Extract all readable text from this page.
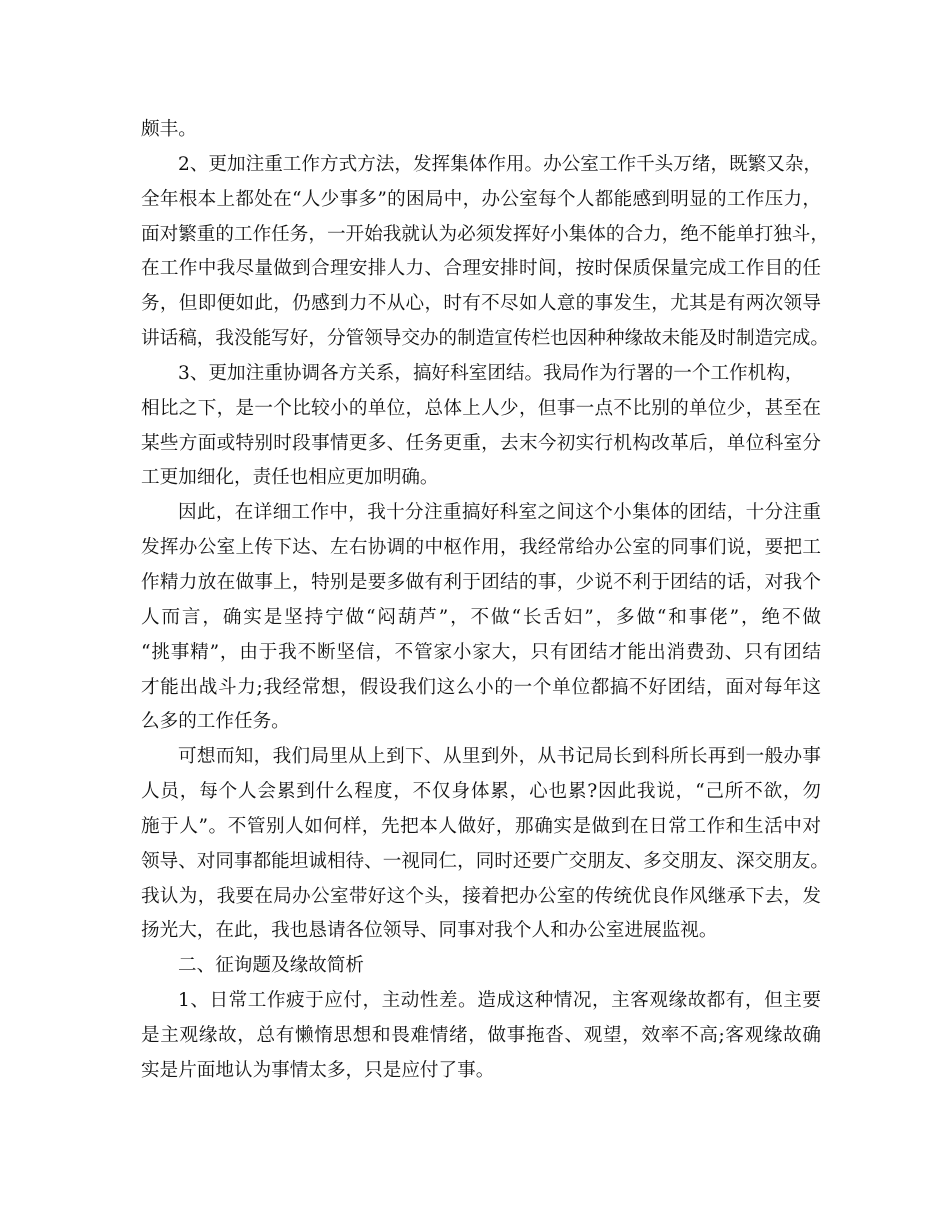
颇丰。

2、更加注重工作方式方法，发挥集体作用。办公室工作千头万绪，既繁又杂，

全年根本上都处在“人少事多”的困局中，办公室每个人都能感到明显的工作压力，

面对繁重的工作任务，一开始我就认为必须发挥好小集体的合力，绝不能单打独斗，

在工作中我尽量做到合理安排人力、合理安排时间，按时保质保量完成工作目的任

务，但即便如此，仍感到力不从心，时有不尽如人意的事发生，尤其是有两次领导

讲话稿，我没能写好，分管领导交办的制造宣传栏也因种种缘故未能及时制造完成。

3、更加注重协调各方关系，搞好科室团结。我局作为行署的一个工作机构，

相比之下，是一个比较小的单位，总体上人少，但事一点不比别的单位少，甚至在

某些方面或特别时段事情更多、任务更重，去末今初实行机构改革后，单位科室分

工更加细化，责任也相应更加明确。

因此，在详细工作中，我十分注重搞好科室之间这个小集体的团结，十分注重

发挥办公室上传下达、左右协调的中枢作用，我经常给办公室的同事们说，要把工

作精力放在做事上，特别是要多做有利于团结的事，少说不利于团结的话，对我个

人而言，确实是坚持宁做“闷葫芦”，不做“长舌妇”，多做“和事佬”，绝不做

“挑事精”，由于我不断坚信，不管家小家大，只有团结才能出消费劲、只有团结

才能出战斗力;我经常想，假设我们这么小的一个单位都搞不好团结，面对每年这

么多的工作任务。

可想而知，我们局里从上到下、从里到外，从书记局长到科所长再到一般办事

人员，每个人会累到什么程度，不仅身体累，心也累?因此我说，“己所不欲，勿

施于人”。不管别人如何样，先把本人做好，那确实是做到在日常工作和生活中对

领导、对同事都能坦诚相待、一视同仁，同时还要广交朋友、多交朋友、深交朋友。

我认为，我要在局办公室带好这个头，接着把办公室的传统优良作风继承下去，发

扬光大，在此，我也恳请各位领导、同事对我个人和办公室进展监视。

二、征询题及缘故简析

1、日常工作疲于应付，主动性差。造成这种情况，主客观缘故都有，但主要

是主观缘故，总有懒惰思想和畏难情绪，做事拖沓、观望，效率不高;客观缘故确

实是片面地认为事情太多，只是应付了事。
